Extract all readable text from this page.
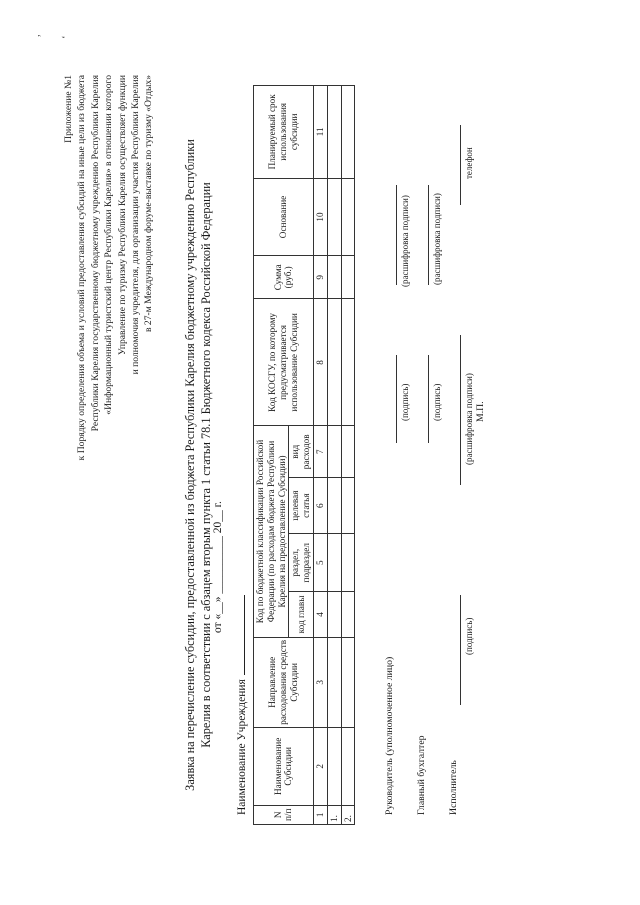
, ‘
Приложение №1 к Порядку определения объема и условий предоставления субсидий на иные цели из бюджета Республики Карелия государственному бюджетному учреждению Республики Карелия «Информационный туристский центр Республики Карелия» в отношении которого Управление по туризму Республики Карелия осуществляет функции и полномочия учредителя, для организации участия Республики Карелия в 27-м Международном форуме-выставке по туризму «Отдых» Заявка на перечисление субсидии, предоставленной из бюджета Республики Карелия бюджетному учреждению Республики Карелия в соответствии с абзацем вторым пункта 1 статьи 78.1 Бюджетного кодекса Российской Федерации от «__» __________ 20__ г.
Наименование Учреждения	N п/п	Наименование Субсидии	Направление расходования средств Субсидии	Код по бюджетной классификации Российской Федерации (по расходам бюджета Республики Карелия на предоставление Субсидии)				Код КОСГУ, по которому предусматривается использование Субсидии	Сумма (руб.)	Основание	Планируемый срок использования субсидии
			код главы	раздел, подраздел	целевая статья	вид расходов				
1	2	3	4	5	6	7	8	9	10	11
1.										
2.										
Руководитель (уполномоченное лицо)
(подпись)
(расшифровка подписи)
Главный бухгалтер
(подпись)
(расшифровка подписи)
Исполнитель
(подпись)
(расшифровка подписи)
телефон
М.П.
